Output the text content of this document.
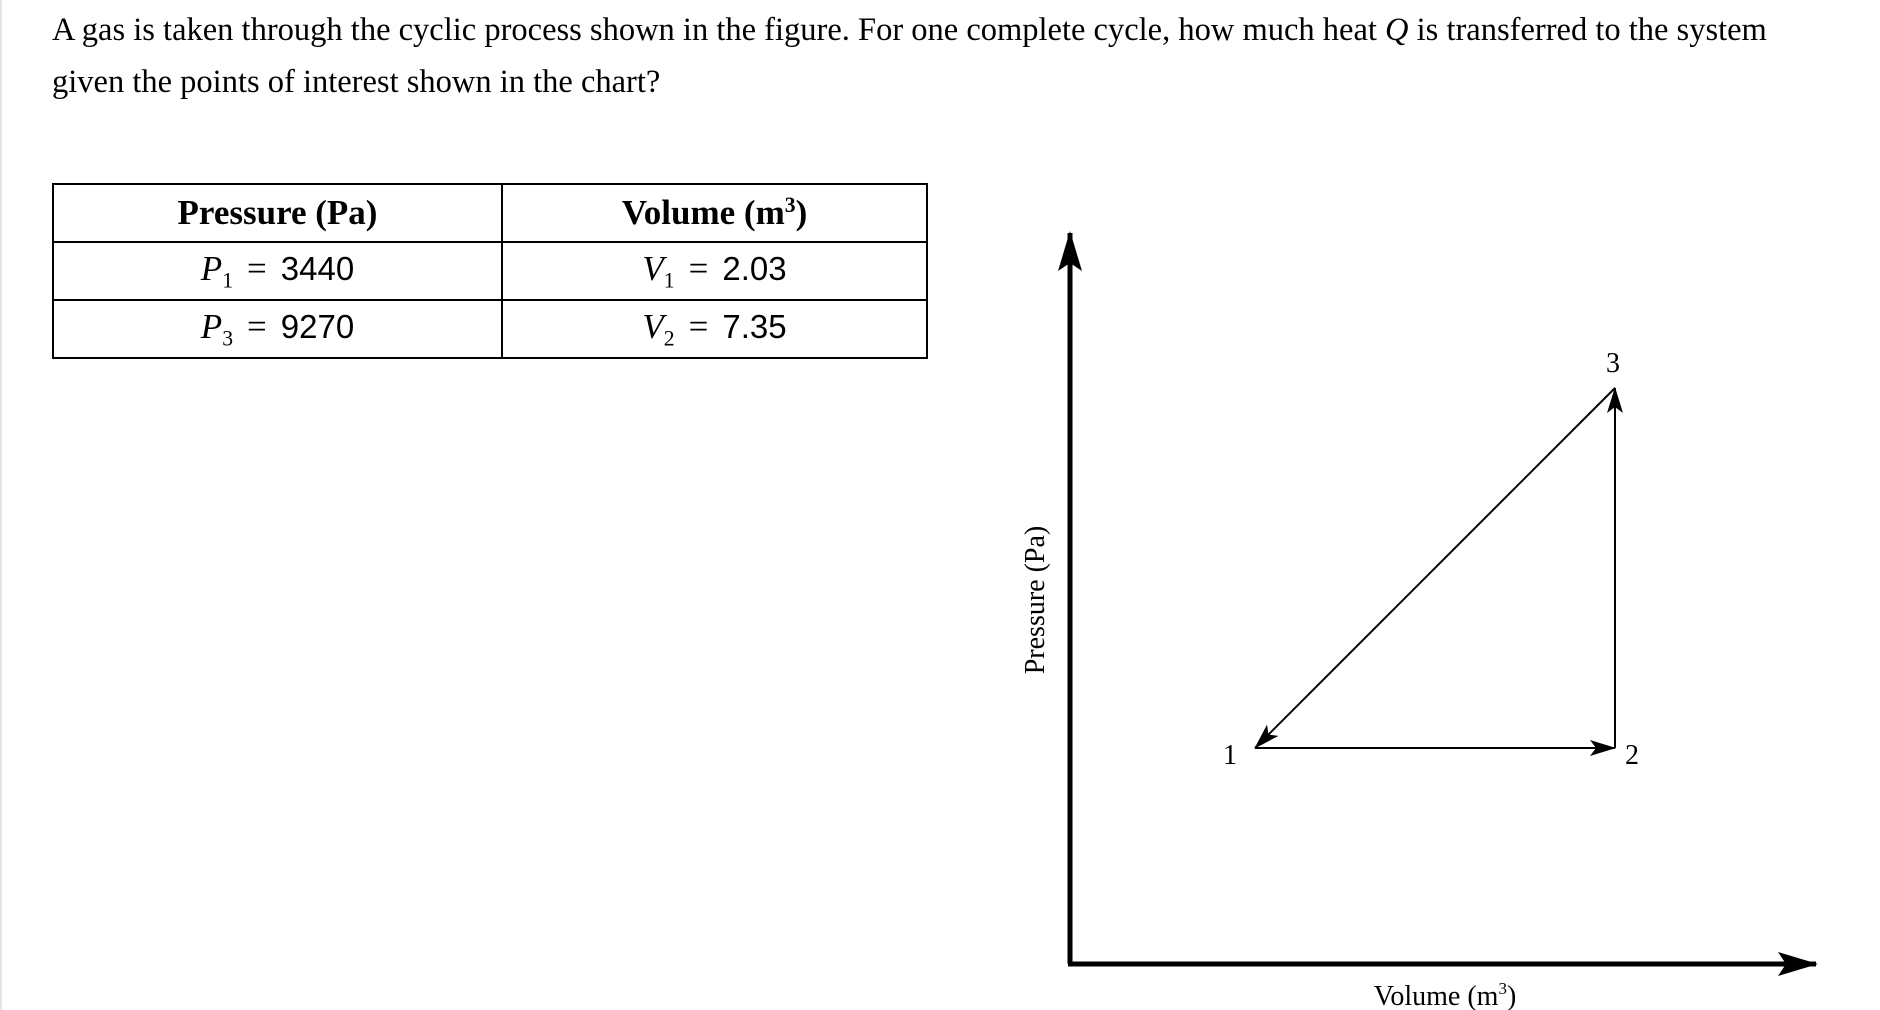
A gas is taken through the cyclic process shown in the figure. For one complete cycle, how much heat Q is transferred to the system given the points of interest shown in the chart?
Pressure (Pa)	Volume $(m^3)$
$P_1 = 3440$	$V_1 = 2.03$
$P_3 = 9270$	$V_2 = 7.35$
1	2
3
Pressure (Pa)
Volume $(m^3)$
